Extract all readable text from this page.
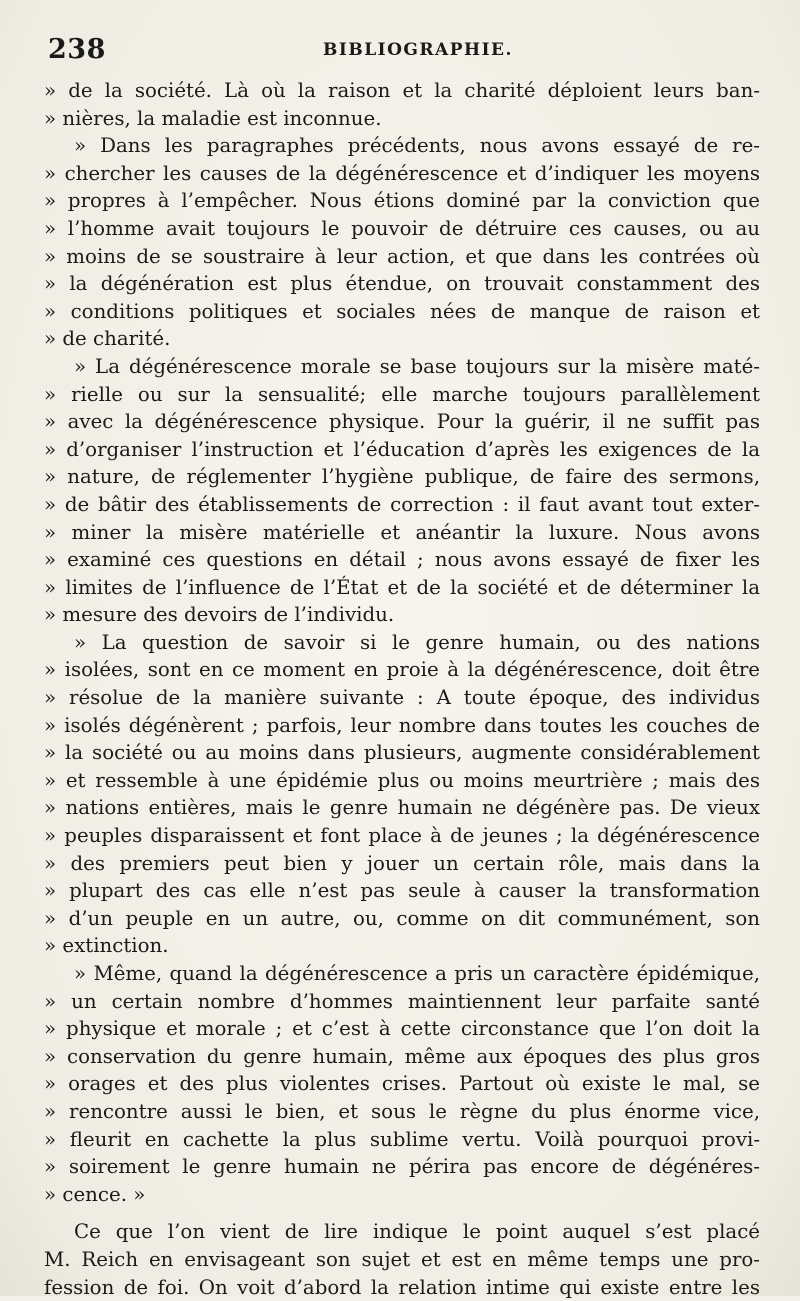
238	BIBLIOGRAPHIE.
» de la société. Là où la raison et la charité déploient leurs ban-
» nières, la maladie est inconnue.
» Dans les paragraphes précédents, nous avons essayé de re-
» chercher les causes de la dégénérescence et d’indiquer les moyens
» propres à l’empêcher. Nous étions dominé par la conviction que
» l’homme avait toujours le pouvoir de détruire ces causes, ou au
» moins de se soustraire à leur action, et que dans les contrées où
» la dégénération est plus étendue, on trouvait constamment des
» conditions politiques et sociales nées de manque de raison et
» de charité.
» La dégénérescence morale se base toujours sur la misère maté-
» rielle ou sur la sensualité; elle marche toujours parallèlement
» avec la dégénérescence physique. Pour la guérir, il ne suffit pas
» d’organiser l’instruction et l’éducation d’après les exigences de la
» nature, de réglementer l’hygiène publique, de faire des sermons,
» de bâtir des établissements de correction : il faut avant tout exter-
» miner la misère matérielle et anéantir la luxure. Nous avons
» examiné ces questions en détail ; nous avons essayé de fixer les
» limites de l’influence de l’État et de la société et de déterminer la
» mesure des devoirs de l’individu.
» La question de savoir si le genre humain, ou des nations
» isolées, sont en ce moment en proie à la dégénérescence, doit être
» résolue de la manière suivante : A toute époque, des individus
» isolés dégénèrent ; parfois, leur nombre dans toutes les couches de
» la société ou au moins dans plusieurs, augmente considérablement
» et ressemble à une épidémie plus ou moins meurtrière ; mais des
» nations entières, mais le genre humain ne dégénère pas. De vieux
» peuples disparaissent et font place à de jeunes ; la dégénérescence
» des premiers peut bien y jouer un certain rôle, mais dans la
» plupart des cas elle n’est pas seule à causer la transformation
» d’un peuple en un autre, ou, comme on dit communément, son
» extinction.
» Même, quand la dégénérescence a pris un caractère épidémique,
» un certain nombre d’hommes maintiennent leur parfaite santé
» physique et morale ; et c’est à cette circonstance que l’on doit la
» conservation du genre humain, même aux époques des plus gros
» orages et des plus violentes crises. Partout où existe le mal, se
» rencontre aussi le bien, et sous le règne du plus énorme vice,
» fleurit en cachette la plus sublime vertu. Voilà pourquoi provi-
» soirement le genre humain ne périra pas encore de dégénéres-
» cence. »
Ce que l’on vient de lire indique le point auquel s’est placé
M. Reich en envisageant son sujet et est en même temps une pro-
fession de foi. On voit d’abord la relation intime qui existe entre les
